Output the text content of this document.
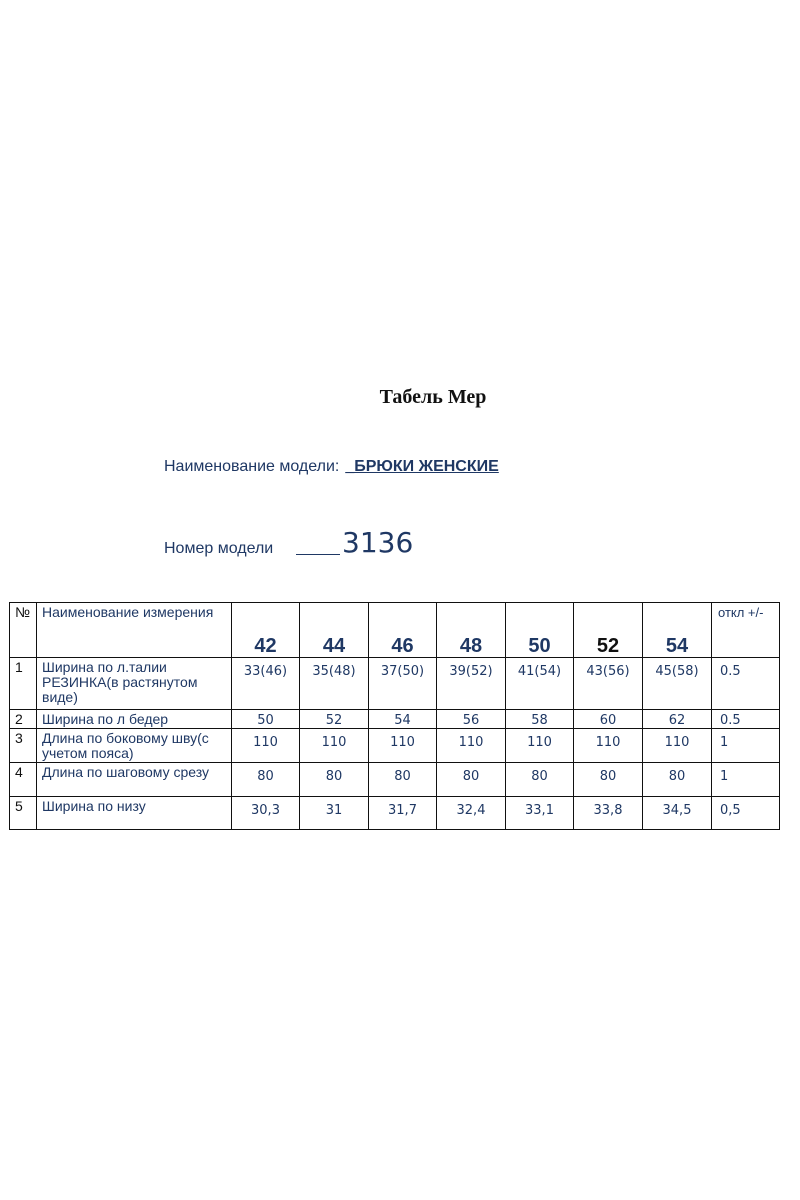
Табель Мер
Наименование модели: _БРЮКИ ЖЕНСКИЕ
Номер модели 3136
№	Наименование измерения	42	44	46	48	50	52	54	откл +/-
1	Ширина по л.талии РЕЗИНКА(в растянутом виде)	33(46)	35(48)	37(50)	39(52)	41(54)	43(56)	45(58)	0.5
2	Ширина по л бедер	50	52	54	56	58	60	62	0.5
3	Длина по боковому шву(с учетом пояса)	110	110	110	110	110	110	110	1
4	Длина по шаговому срезу	80	80	80	80	80	80	80	1
5	Ширина по низу	30,3	31	31,7	32,4	33,1	33,8	34,5	0,5
